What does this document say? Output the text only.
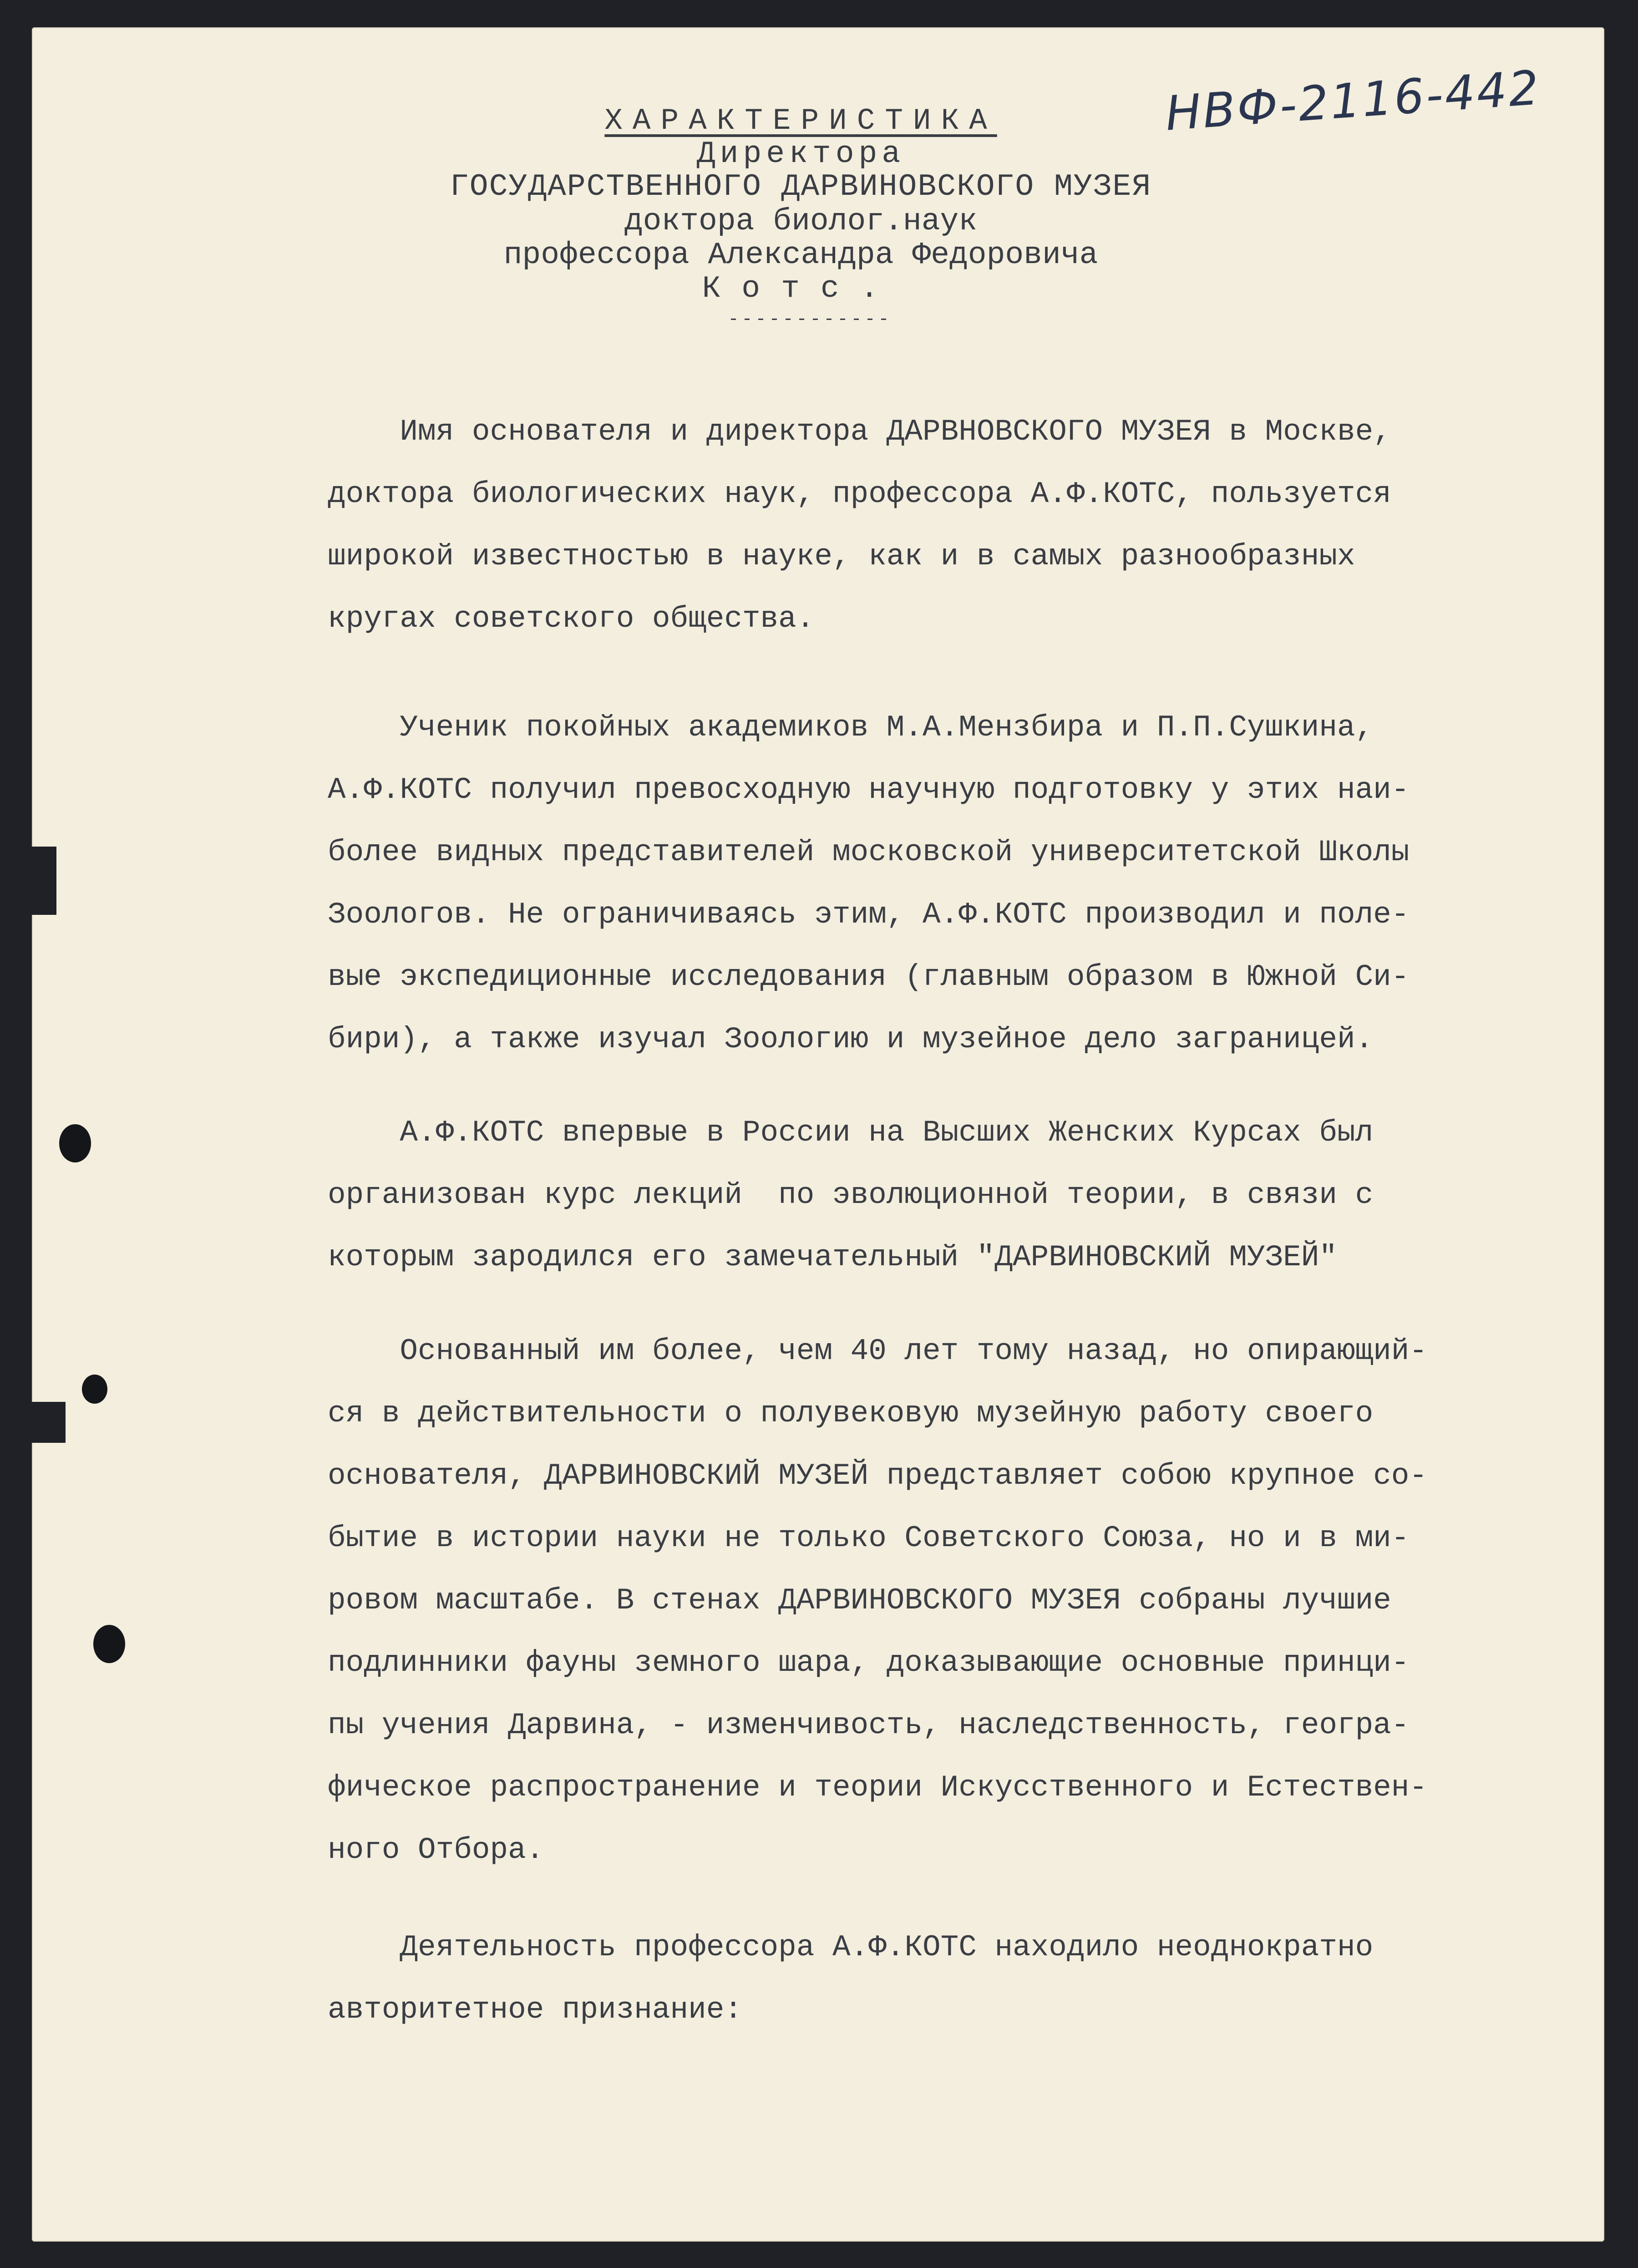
НВФ-2116-442
ХАРАКТЕРИСТИКА
Директора
ГОСУДАРСТВЕННОГО ДАРВИНОВСКОГО МУЗЕЯ
доктора биолог.наук
профессора Александра Федоровича
Котс.
------------

Имя основателя и директора ДАРВНОВСКОГО МУЗЕЯ в Москве,

доктора биологических наук, профессора А.Ф.КОТС, пользуется

широкой известностью в науке, как и в самых разнообразных

кругах советского общества.

Ученик покойных академиков М.А.Мензбира и П.П.Сушкина,

А.Ф.КОТС получил превосходную научную подготовку у этих наи-

более видных представителей московской университетской Школы

Зоологов. Не ограничиваясь этим, А.Ф.КОТС производил и поле-

вые экспедиционные исследования (главным образом в Южной Си-

бири), а также изучал Зоологию и музейное дело заграницей.

А.Ф.КОТС впервые в России на Высших Женских Курсах был

организован курс лекций  по эволюционной теории, в связи с

которым зародился его замечательный "ДАРВИНОВСКИЙ МУЗЕЙ"

Основанный им более, чем 40 лет тому назад, но опирающий-

ся в действительности о полувековую музейную работу своего

основателя, ДАРВИНОВСКИЙ МУЗЕЙ представляет собою крупное со-

бытие в истории науки не только Советского Союза, но и в ми-

ровом масштабе. В стенах ДАРВИНОВСКОГО МУЗЕЯ собраны лучшие

подлинники фауны земного шара, доказывающие основные принци-

пы учения Дарвина, - изменчивость, наследственность, геогра-

фическое распространение и теории Искусственного и Естествен-

ного Отбора.

Деятельность профессора А.Ф.КОТС находило неоднократно

авторитетное признание:
